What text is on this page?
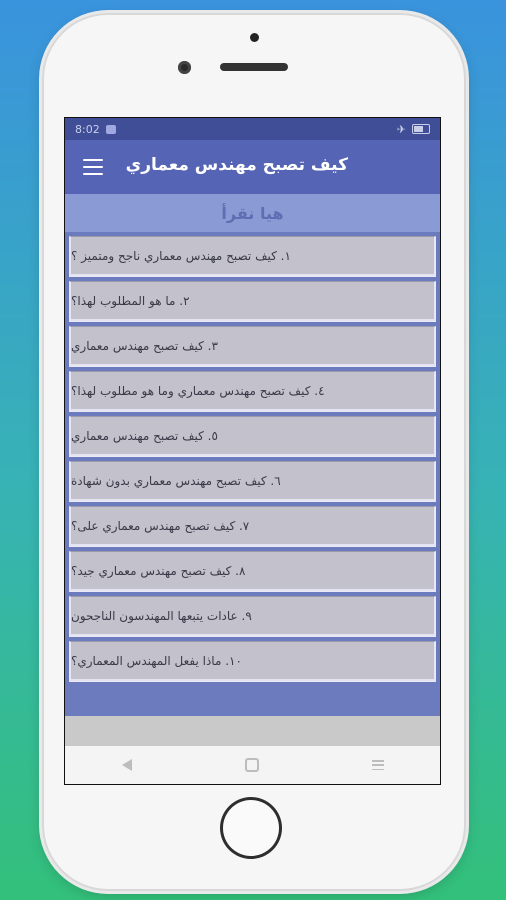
8:02	✈
كيف تصبح مهندس معماري
هيا نقرأ
١. كيف تصبح مهندس معماري ناجح ومتميز ؟
٢. ما هو المطلوب لهذا؟
٣. كيف تصبح مهندس معماري
٤. كيف تصبح مهندس معماري وما هو مطلوب لهذا؟
٥. كيف تصبح مهندس معماري
٦. كيف تصبح مهندس معماري بدون شهادة
٧. كيف تصبح مهندس معماري على؟
٨. كيف تصبح مهندس معماري جيد؟
٩. عادات يتبعها المهندسون الناجحون
١٠. ماذا يفعل المهندس المعماري؟
